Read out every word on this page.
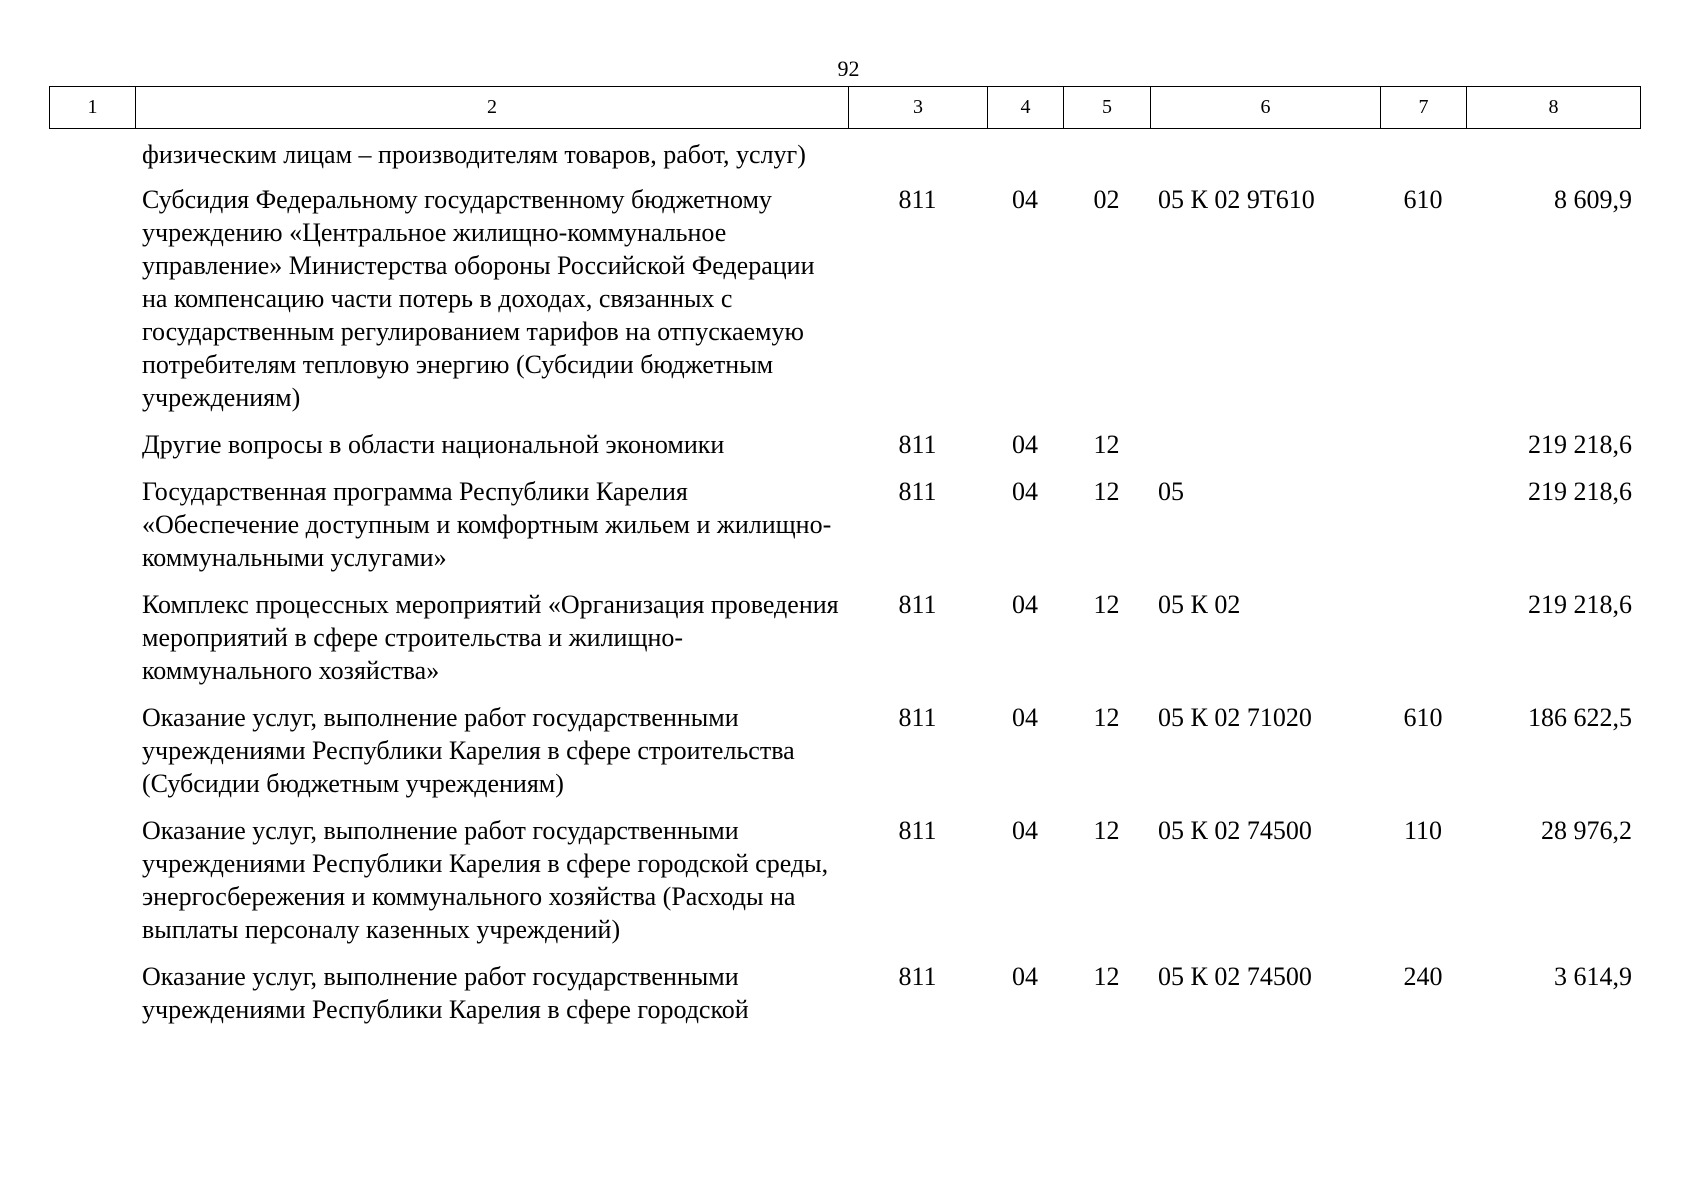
92
1	2	3	4	5	6	7	8
физическим лицам – производителям товаров, работ, услуг)						
Субсидия Федеральному государственному бюджетному учреждению «Центральное жилищно-коммунальное управление» Министерства обороны Российской Федерации на компенсацию части потерь в доходах, связанных с государственным регулированием тарифов на отпускаемую потребителям тепловую энергию (Субсидии бюджетным учреждениям)	811	04	02	05 К 02 9Т610	610	8 609,9
Другие вопросы в области национальной экономики	811	04	12			219 218,6
Государственная программа Республики Карелия «Обеспечение доступным и комфортным жильем и жилищно-коммунальными услугами»	811	04	12	05		219 218,6
Комплекс процессных мероприятий «Организация проведения мероприятий в сфере строительства и жилищно-коммунального хозяйства»	811	04	12	05 К 02		219 218,6
Оказание услуг, выполнение работ государственными учреждениями Республики Карелия в сфере строительства (Субсидии бюджетным учреждениям)	811	04	12	05 К 02 71020	610	186 622,5
Оказание услуг, выполнение работ государственными учреждениями Республики Карелия в сфере городской среды, энергосбережения и коммунального хозяйства (Расходы на выплаты персоналу казенных учреждений)	811	04	12	05 К 02 74500	110	28 976,2
Оказание услуг, выполнение работ государственными учреждениями Республики Карелия в сфере городской	811	04	12	05 К 02 74500	240	3 614,9
